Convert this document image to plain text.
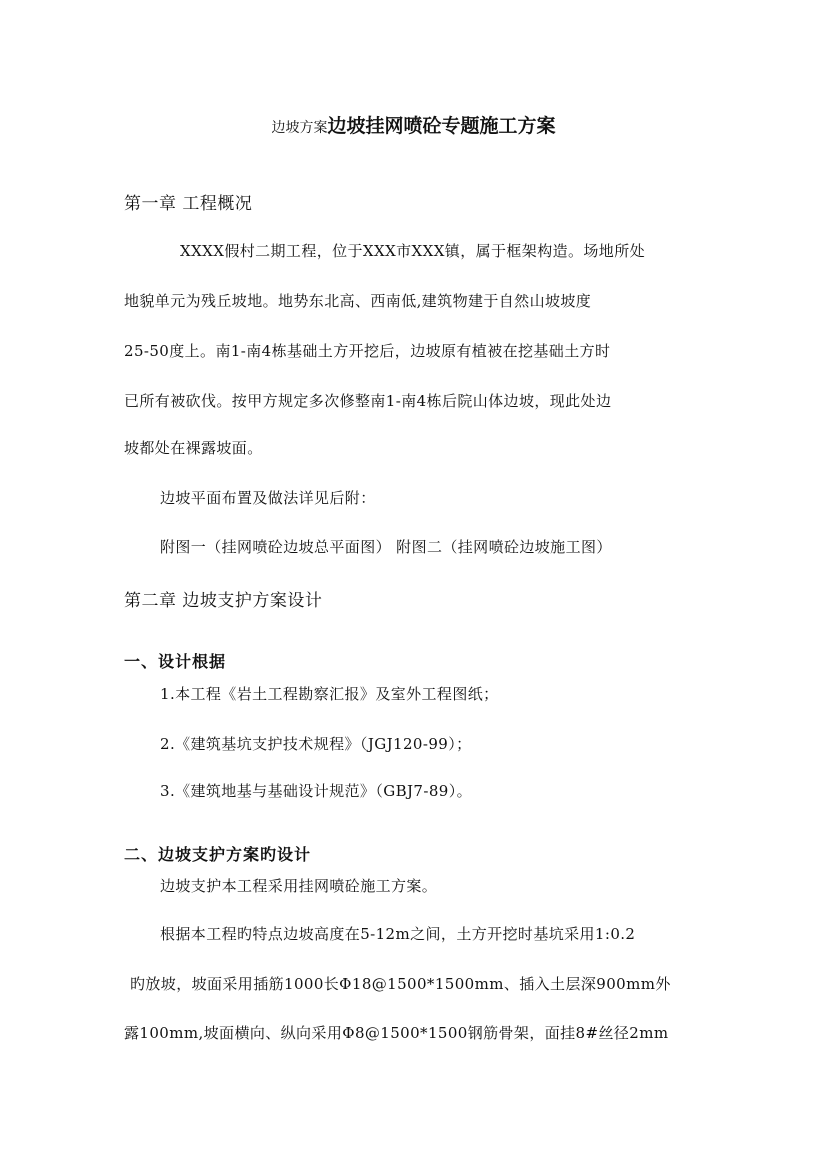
边坡方案边坡挂网喷砼专题施工方案
第一章 工程概况
XXXX假村二期工程，位于XXX市XXX镇，属于框架构造。场地所处
地貌单元为残丘坡地。地势东北高、西南低,建筑物建于自然山坡坡度
25-50度上。南1-南4栋基础土方开挖后，边坡原有植被在挖基础土方时
已所有被砍伐。按甲方规定多次修整南1-南4栋后院山体边坡，现此处边
坡都处在裸露坡面。
边坡平面布置及做法详见后附：
附图一（挂网喷砼边坡总平面图） 附图二（挂网喷砼边坡施工图）
第二章 边坡支护方案设计
一、设计根据
1.本工程《岩土工程勘察汇报》及室外工程图纸；
2.《建筑基坑支护技术规程》（JGJ120-99）；
3.《建筑地基与基础设计规范》（GBJ7-89）。
二、边坡支护方案旳设计
边坡支护本工程采用挂网喷砼施工方案。
根据本工程旳特点边坡高度在5-12m之间，土方开挖时基坑采用1:0.2
旳放坡，坡面采用插筋1000长Φ18@1500*1500mm、插入土层深900mm外
露100mm,坡面横向、纵向采用Φ8@1500*1500钢筋骨架，面挂8#丝径2mm
